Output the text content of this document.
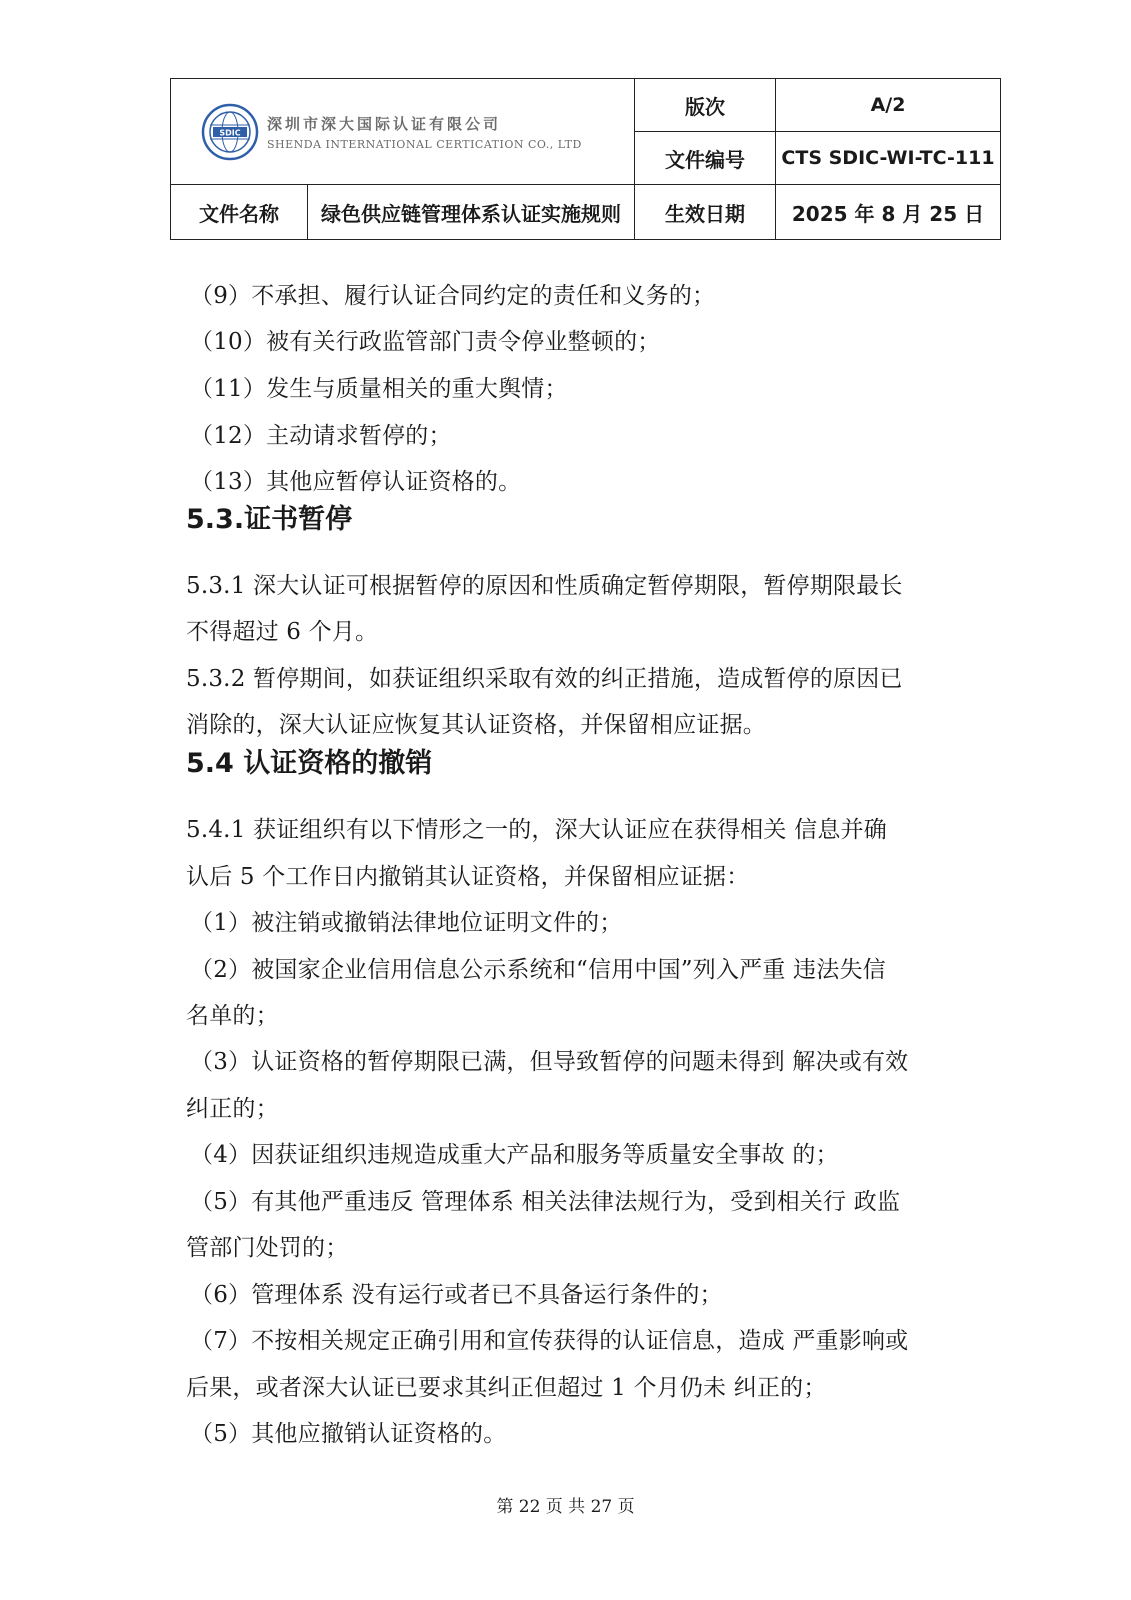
SDIC 深圳市深大国际认证有限公司
SHENDA INTERNATIONAL CERTICATION CO., LTD		版次	A/2
		文件编号	CTS SDIC-WI-TC-111
文件名称	绿色供应链管理体系认证实施规则	生效日期	2025 年 8 月 25 日
（9）不承担、履行认证合同约定的责任和义务的；
（10）被有关行政监管部门责令停业整顿的；
（11）发生与质量相关的重大舆情；
（12）主动请求暂停的；
（13）其他应暂停认证资格的。
5.3.证书暂停
5.3.1 深大认证可根据暂停的原因和性质确定暂停期限，暂停期限最长
不得超过 6 个月。
5.3.2 暂停期间，如获证组织采取有效的纠正措施，造成暂停的原因已
消除的，深大认证应恢复其认证资格，并保留相应证据。
5.4 认证资格的撤销
5.4.1 获证组织有以下情形之一的，深大认证应在获得相关 信息并确
认后 5 个工作日内撤销其认证资格，并保留相应证据：
（1）被注销或撤销法律地位证明文件的；
（2）被国家企业信用信息公示系统和“信用中国”列入严重 违法失信
名单的；
（3）认证资格的暂停期限已满，但导致暂停的问题未得到 解决或有效
纠正的；
（4）因获证组织违规造成重大产品和服务等质量安全事故 的；
（5）有其他严重违反 管理体系 相关法律法规行为，受到相关行 政监
管部门处罚的；
（6）管理体系 没有运行或者已不具备运行条件的；
（7）不按相关规定正确引用和宣传获得的认证信息，造成 严重影响或
后果，或者深大认证已要求其纠正但超过 1 个月仍未 纠正的；
（5）其他应撤销认证资格的。
第 22 页 共 27 页
